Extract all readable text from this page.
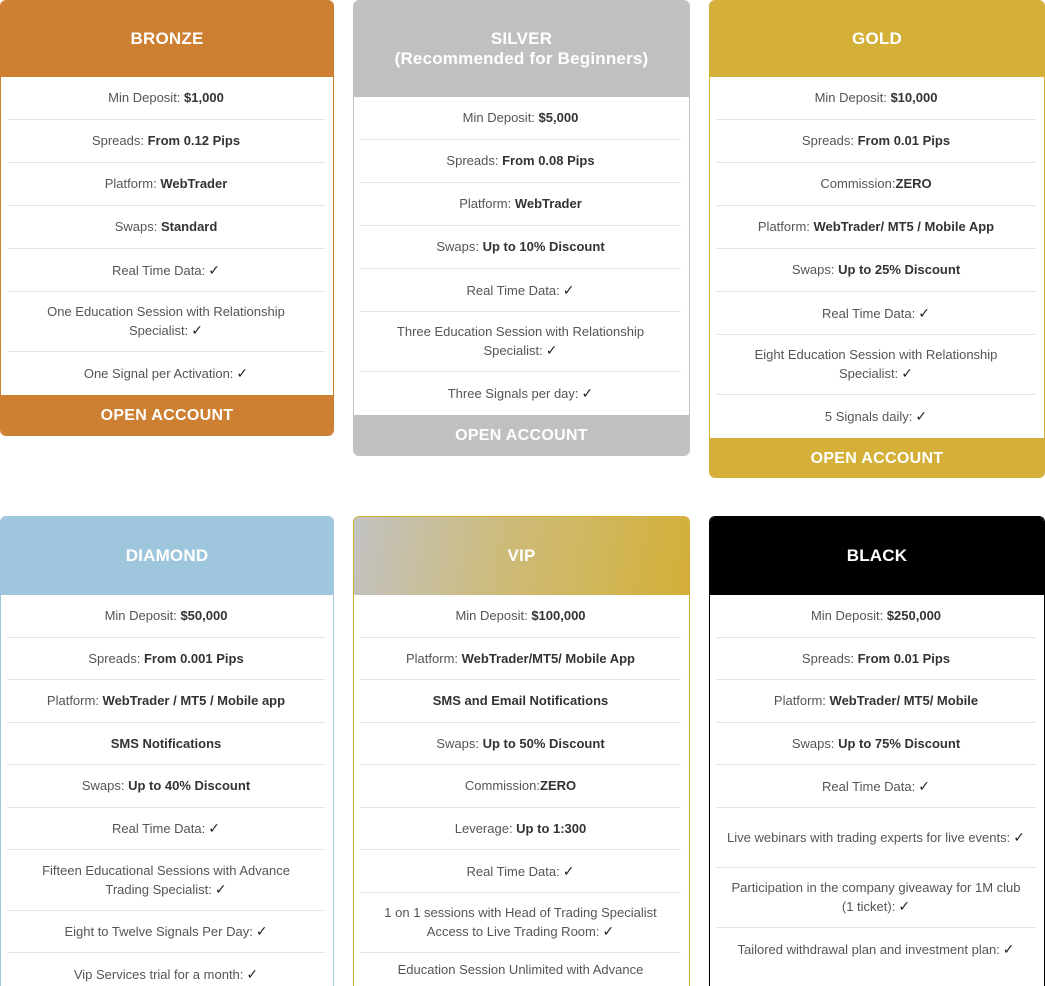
BRONZE
Min Deposit: $1,000
Spreads: From 0.12 Pips
Platform: WebTrader
Swaps: Standard
Real Time Data: ✓
One Education Session with Relationship Specialist: ✓
One Signal per Activation: ✓
OPEN ACCOUNT
SILVER
(Recommended for Beginners)
Min Deposit: $5,000
Spreads: From 0.08 Pips
Platform: WebTrader
Swaps: Up to 10% Discount
Real Time Data: ✓
Three Education Session with Relationship Specialist: ✓
Three Signals per day: ✓
OPEN ACCOUNT
GOLD
Min Deposit: $10,000
Spreads: From 0.01 Pips
Commission:ZERO
Platform: WebTrader/ MT5 / Mobile App
Swaps: Up to 25% Discount
Real Time Data: ✓
Eight Education Session with Relationship Specialist: ✓
5 Signals daily: ✓
OPEN ACCOUNT
DIAMOND
Min Deposit: $50,000
Spreads: From 0.001 Pips
Platform: WebTrader / MT5 / Mobile app
SMS Notifications
Swaps: Up to 40% Discount
Real Time Data: ✓
Fifteen Educational Sessions with Advance Trading Specialist: ✓
Eight to Twelve Signals Per Day: ✓
Vip Services trial for a month: ✓
VIP
Min Deposit: $100,000
Platform: WebTrader/MT5/ Mobile App
SMS and Email Notifications
Swaps: Up to 50% Discount
Commission:ZERO
Leverage: Up to 1:300
Real Time Data: ✓
1 on 1 sessions with Head of Trading Specialist Access to Live Trading Room: ✓
Education Session Unlimited with Advance
BLACK
Min Deposit: $250,000
Spreads: From 0.01 Pips
Platform: WebTrader/ MT5/ Mobile
Swaps: Up to 75% Discount
Real Time Data: ✓
Live webinars with trading experts for live events: ✓
Participation in the company giveaway for 1M club (1 ticket): ✓
Tailored withdrawal plan and investment plan: ✓
